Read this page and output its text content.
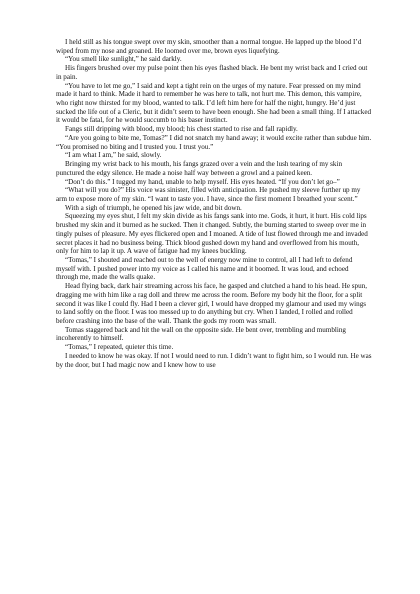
I held still as his tongue swept over my skin, smoother than a normal tongue. He lapped up the blood I’d wiped from my nose and groaned. He loomed over me, brown eyes liquefying.

“You smell like sunlight,” he said darkly.

His fingers brushed over my pulse point then his eyes flashed black. He bent my wrist back and I cried out in pain.

“You have to let me go,” I said and kept a tight rein on the urges of my nature. Fear pressed on my mind made it hard to think. Made it hard to remember he was here to talk, not hurt me. This demon, this vampire, who right now thirsted for my blood, wanted to talk. I’d left him here for half the night, hungry. He’d just sucked the life out of a Cleric, but it didn’t seem to have been enough. She had been a small thing. If I attacked it would be fatal, for he would succumb to his baser instinct.

Fangs still dripping with blood, my blood; his chest started to rise and fall rapidly.

“Are you going to bite me, Tomas?” I did not snatch my hand away; it would excite rather than subdue him. “You promised no biting and I trusted you. I trust you.”

“I am what I am,” he said, slowly.

Bringing my wrist back to his mouth, his fangs grazed over a vein and the lush tearing of my skin punctured the edgy silence. He made a noise half way between a growl and a pained keen.

“Don’t do this.” I tugged my hand, unable to help myself. His eyes heated. “If you don’t let go–”

“What will you do?” His voice was sinister, filled with anticipation. He pushed my sleeve further up my arm to expose more of my skin. “I want to taste you. I have, since the first moment I breathed your scent.”

With a sigh of triumph, he opened his jaw wide, and bit down.

Squeezing my eyes shut, I felt my skin divide as his fangs sank into me. Gods, it hurt, it hurt. His cold lips brushed my skin and it burned as he sucked. Then it changed. Subtly, the burning started to sweep over me in tingly pulses of pleasure. My eyes flickered open and I moaned. A tide of lust flowed through me and invaded secret places it had no business being. Thick blood gushed down my hand and overflowed from his mouth, only for him to lap it up. A wave of fatigue had my knees buckling.

“Tomas,” I shouted and reached out to the well of energy now mine to control, all I had left to defend myself with. I pushed power into my voice as I called his name and it boomed. It was loud, and echoed through me, made the walls quake.

Head flying back, dark hair streaming across his face, he gasped and clutched a hand to his head. He spun, dragging me with him like a rag doll and threw me across the room. Before my body hit the floor, for a split second it was like I could fly. Had I been a clever girl, I would have dropped my glamour and used my wings to land softly on the floor. I was too messed up to do anything but cry. When I landed, I rolled and rolled before crashing into the base of the wall. Thank the gods my room was small.

Tomas staggered back and hit the wall on the opposite side. He bent over, trembling and mumbling incoherently to himself.

“Tomas,” I repeated, quieter this time.

I needed to know he was okay. If not I would need to run. I didn’t want to fight him, so I would run. He was by the door, but I had magic now and I knew how to use
